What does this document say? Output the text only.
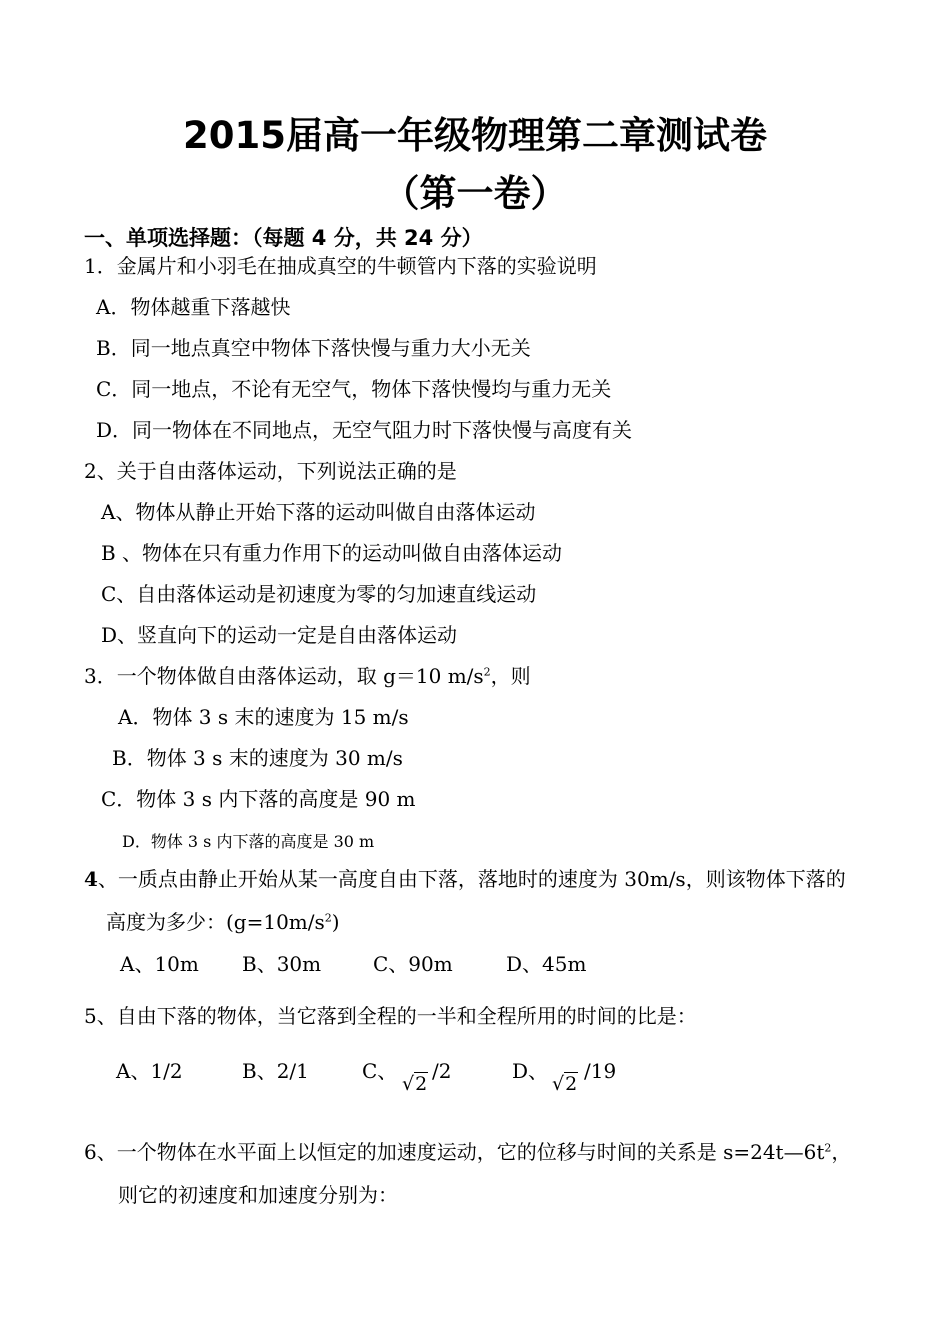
2015届高一年级物理第二章测试卷
（第一卷）
一、单项选择题：（每题 4 分，共 24 分）
1．金属片和小羽毛在抽成真空的牛顿管内下落的实验说明
A．物体越重下落越快
B．同一地点真空中物体下落快慢与重力大小无关
C．同一地点，不论有无空气，物体下落快慢均与重力无关
D．同一物体在不同地点，无空气阻力时下落快慢与高度有关
2、关于自由落体运动，下列说法正确的是
A、物体从静止开始下落的运动叫做自由落体运动
B 、物体在只有重力作用下的运动叫做自由落体运动
C、自由落体运动是初速度为零的匀加速直线运动
D、竖直向下的运动一定是自由落体运动
3．一个物体做自由落体运动，取 g＝10 $m/s^2$，则
A．物体 3 s 末的速度为 15 m/s
B．物体 3 s 末的速度为 30 m/s
C．物体 3 s 内下落的高度是 90 m
D．物体 3 s 内下落的高度是 30 m
4、一质点由静止开始从某一高度自由下落，落地时的速度为 30m/s，则该物体下落的
高度为多少：$(g=10m/s^2)$
A、10m B、30m	C、90m	D、45m
5、自由下落的物体，当它落到全程的一半和全程所用的时间的比是：
A、1/2	B、2/1	C、
√2
/2	D、
√2
/19
6、一个物体在水平面上以恒定的加速度运动，它的位移与时间的关系是 $s=24t—6t^2$，
则它的初速度和加速度分别为：
